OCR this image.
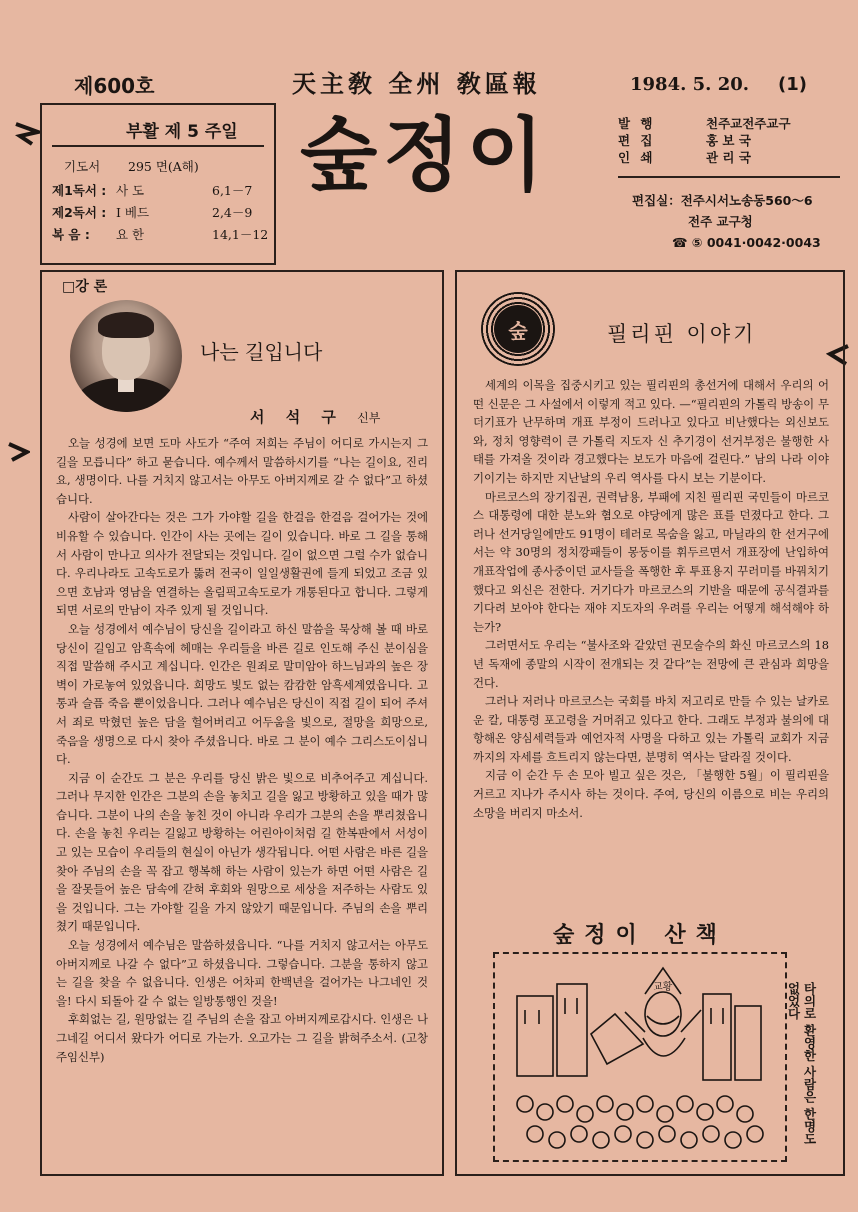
제600호	天主敎 全州 敎區報	1984. 5. 20. (1)
부활 제 5 주일
기도서 295 면(A해)
제1독서 : 사 도	6,1－7
제2독서 : Ⅰ 베드	2,4－9
복 음 : 요 한	14,1－12
숲정이	발 행	천주교전주교구
편 집	홍 보 국
인 쇄	관 리 국
편집실：전주시서노송동560～6
전주 교구청
☎ ⑤ 0041·0042·0043
□강 론
나는 길입니다
서 석 구 신부

오늘 성경에 보면 도마 사도가 “주여 저희는 주님이 어디로 가시는지 그 길을 모릅니다” 하고 묻습니다. 예수께서 말씀하시기를 “나는 길이요, 진리요, 생명이다. 나를 거치지 않고서는 아무도 아버지께로 갈 수 없다”고 하셨습니다.

사람이 살아간다는 것은 그가 가야할 길을 한걸음 한걸음 걸어가는 것에 비유할 수 있습니다. 인간이 사는 곳에는 길이 있습니다. 바로 그 길을 통해서 사람이 만나고 의사가 전달되는 것입니다. 길이 없으면 그럴 수가 없습니다. 우리나라도 고속도로가 뚫려 전국이 일일생활권에 들게 되었고 조금 있으면 호남과 영남을 연결하는 올림픽고속도로가 개통된다고 합니다. 그렇게 되면 서로의 만남이 자주 있게 될 것입니다.

오늘 성경에서 예수님이 당신을 길이라고 하신 말씀을 묵상해 볼 때 바로 당신이 길임고 암흑속에 헤매는 우리들을 바른 길로 인도해 주신 분이심을 직접 말씀해 주시고 계십니다. 인간은 원죄로 말미암아 하느님과의 높은 장벽이 가로놓여 있었읍니다. 희망도 빛도 없는 캄캄한 암흑세계였읍니다. 고통과 슬픔 죽음 뿐이었읍니다. 그러나 예수님은 당신이 직접 길이 되어 주셔서 죄로 막혔던 높은 담을 헐어버리고 어두움을 빛으로, 절망을 희망으로, 죽음을 생명으로 다시 찾아 주셨읍니다. 바로 그 분이 예수 그리스도이십니다.

지금 이 순간도 그 분은 우리를 당신 밝은 빛으로 비추어주고 계십니다. 그러나 무지한 인간은 그분의 손을 놓치고 길을 잃고 방황하고 있을 때가 많습니다. 그분이 나의 손을 놓친 것이 아니라 우리가 그분의 손을 뿌리쳤읍니다. 손을 놓친 우리는 길잃고 방황하는 어린아이처럼 길 한복판에서 서성이고 있는 모습이 우리들의 현실이 아닌가 생각됩니다. 어떤 사람은 바른 길을 찾아 주님의 손을 꼭 잡고 행복해 하는 사람이 있는가 하면 어떤 사람은 길을 잘못들어 높은 담속에 갇혀 후회와 원망으로 세상을 저주하는 사람도 있을 것입니다. 그는 가야할 길을 가지 않았기 때문입니다. 주님의 손을 뿌리쳤기 때문입니다.

오늘 성경에서 예수님은 말씀하셨읍니다. “나를 거치지 않고서는 아무도 아버지께로 나갈 수 없다”고 하셨읍니다. 그렇습니다. 그분을 통하지 않고는 길을 찾을 수 없읍니다. 인생은 어차피 한백년을 걸어가는 나그네인 것을! 다시 되돌아 갈 수 없는 일방통행인 것을!

후회없는 길, 원망없는 길 주님의 손을 잡고 아버지께로갑시다. 인생은 나그네길 어디서 왔다가 어디로 가는가. 오고가는 그 길을 밝혀주소서. (고창 주임신부)

숲	필리핀 이야기

세계의 이목을 집중시키고 있는 필리핀의 총선거에 대해서 우리의 어떤 신문은 그 사설에서 이렇게 적고 있다. —“필리핀의 가톨릭 방송이 무더기표가 난무하며 개표 부정이 드러나고 있다고 비난했다는 외신보도와, 정치 영향력이 큰 가톨릭 지도자 신 추기경이 선거부정은 불행한 사태를 가져올 것이라 경고했다는 보도가 마음에 걸린다.” 남의 나라 이야기이기는 하지만 지난날의 우리 역사를 다시 보는 기분이다.

마르코스의 장기집권, 권력남용, 부패에 지친 필리핀 국민들이 마르코스 대통령에 대한 분노와 혐오로 야당에게 많은 표를 던졌다고 한다. 그러나 선거당일에만도 91명이 테러로 목숨을 잃고, 마닐라의 한 선거구에서는 약 30명의 정치깡패들이 몽둥이를 휘두르면서 개표장에 난입하여 개표작업에 종사중이던 교사들을 폭행한 후 투표용지 꾸러미를 바꿔치기했다고 외신은 전한다. 거기다가 마르코스의 기반을 때문에 공식결과를 기다려 보아야 한다는 재야 지도자의 우려를 우리는 어떻게 해석해야 하는가?

그러면서도 우리는 “불사조와 같았던 권모술수의 화신 마르코스의 18년 독재에 종말의 시작이 전개되는 것 같다”는 전망에 큰 관심과 희망을 건다.

그러나 저러나 마르코스는 국회를 바치 저고리로 만들 수 있는 날카로운 칼, 대통령 포고령을 거머쥐고 있다고 한다. 그래도 부정과 불의에 대항해온 양심세력들과 예언자적 사명을 다하고 있는 가톨릭 교회가 지금까지의 자세를 흐트리지 않는다면, 분명히 역사는 달라질 것이다.

지금 이 순간 두 손 모아 빌고 싶은 것은, 「불행한 5월」이 필리핀을 거르고 지나가 주시사 하는 것이다. 주여, 당신의 이름으로 비는 우리의 소망을 버리지 마소서.

숲정이 산책
교황	타의로 환영한 사람은 한명도 없었다
